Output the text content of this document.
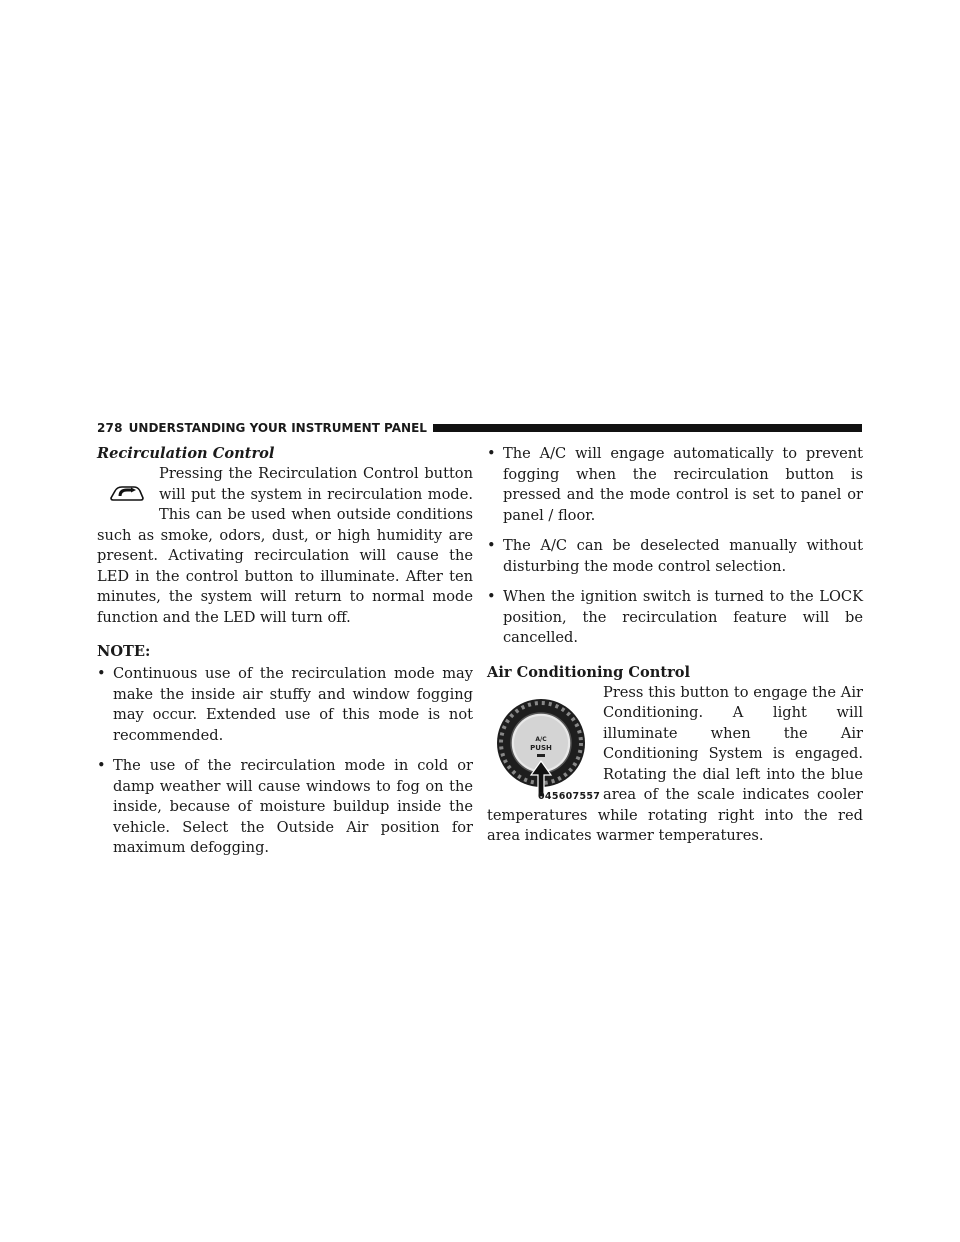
278 UNDERSTANDING YOUR INSTRUMENT PANEL

Recirculation Control

Pressing the Recirculation Control button will put the system in recirculation mode. This can be used when outside conditions such as smoke, odors, dust, or high humidity are present. Activating recirculation will cause the LED in the control button to illuminate. After ten minutes, the system will return to normal mode function and the LED will turn off.

NOTE:

• Continuous use of the recirculation mode may make the inside air stuffy and window fogging may occur. Extended use of this mode is not recommended.
• The use of the recirculation mode in cold or damp weather will cause windows to fog on the inside, because of moisture buildup inside the vehicle. Select the Outside Air position for maximum defogging.
• The A/C will engage automatically to prevent fogging when the recirculation button is pressed and the mode control is set to panel or panel / floor.
• The A/C can be deselected manually without disturbing the mode control selection.
• When the ignition switch is turned to the LOCK position, the recirculation feature will be cancelled.

Air Conditioning Control

A/C
PUSH
045607557

Press this button to engage the Air Conditioning. A light will illuminate when the Air Conditioning System is engaged. Rotating the dial left into the blue area of the scale indicates cooler temperatures while rotating right into the red area indicates warmer temperatures.
